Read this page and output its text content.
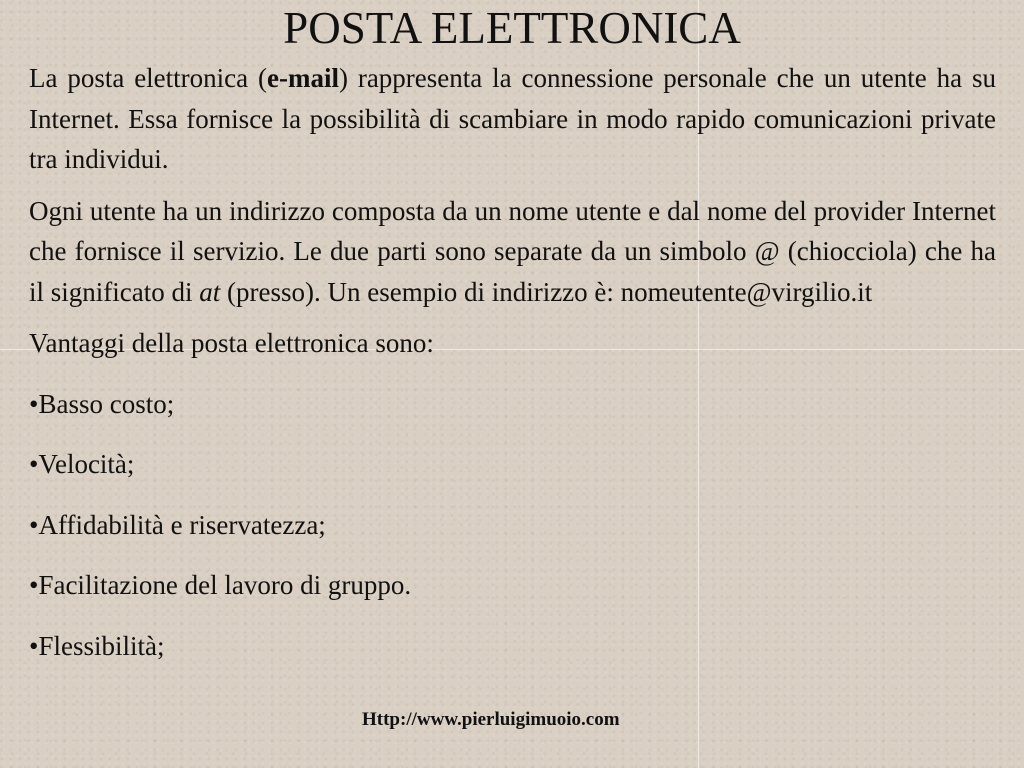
POSTA ELETTRONICA

La posta elettronica (e-mail) rappresenta la connessione personale che un utente ha su Internet. Essa fornisce la possibilità di scambiare in modo rapido comunicazioni private tra individui.

Ogni utente ha un indirizzo composta da un nome utente e dal nome del provider Internet che fornisce il servizio. Le due parti sono separate da un simbolo @ (chiocciola) che ha il significato di at (presso). Un esempio di indirizzo è: nomeutente@virgilio.it

Vantaggi della posta elettronica sono:

•Basso costo;

•Velocità;

•Affidabilità e riservatezza;

•Facilitazione del lavoro di gruppo.

•Flessibilità;

Http://www.pierluigimuoio.com
